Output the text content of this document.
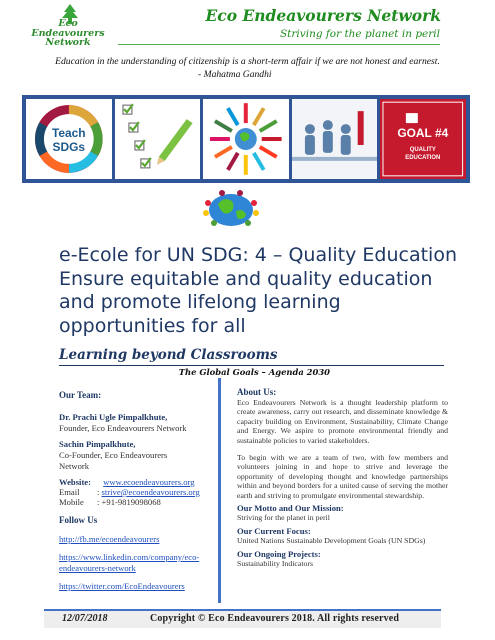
Eco
Endeavourers
Network
Eco Endeavourers Network
Striving for the planet in peril
Education in the understanding of citizenship is a short-term affair if we are not honest and earnest.
- Mahatma Gandhi
Teach
SDGs
GOAL #4
QUALITY
EDUCATION
e-Ecole for UN SDG: 4 – Quality Education
Ensure equitable and quality education
and promote lifelong learning
opportunities for all
Learning beyond Classrooms
The Global Goals – Agenda 2030
Our Team:
Dr. Prachi Ugle Pimpalkhute,
Founder, Eco Endeavourers Network
Sachin Pimpalkhute,
Co-Founder, Eco Endeavourers
Network
Website: www.ecoendeavourers.org
Email : strive@ecoendeavourers.org
Mobile : +91-9819098068
Follow Us
http://fb.me/ecoendeavourers
https://www.linkedin.com/company/eco-
endeavourers-network
https://twitter.com/EcoEndeavourers
About Us:
Eco Endeavourers Network is a thought leadership platform to create awareness, carry out research, and disseminate knowledge & capacity building on Environment, Sustainability, Climate Change and Energy. We aspire to promote environmental friendly and sustainable policies to varied stakeholders.
To begin with we are a team of two, with few members and volunteers joining in and hope to strive and leverage the opportunity of developing thought and knowledge partnerships within and beyond borders for a united cause of serving the mother earth and striving to promulgate environmental stewardship.
Our Motto and Our Mission:
Striving for the planet in peril
Our Current Focus:
United Nations Sustainable Development Goals (UN SDGs)
Our Ongoing Projects:
Sustainability Indicators
12/07/2018	Copyright © Eco Endeavourers 2018. All rights reserved
